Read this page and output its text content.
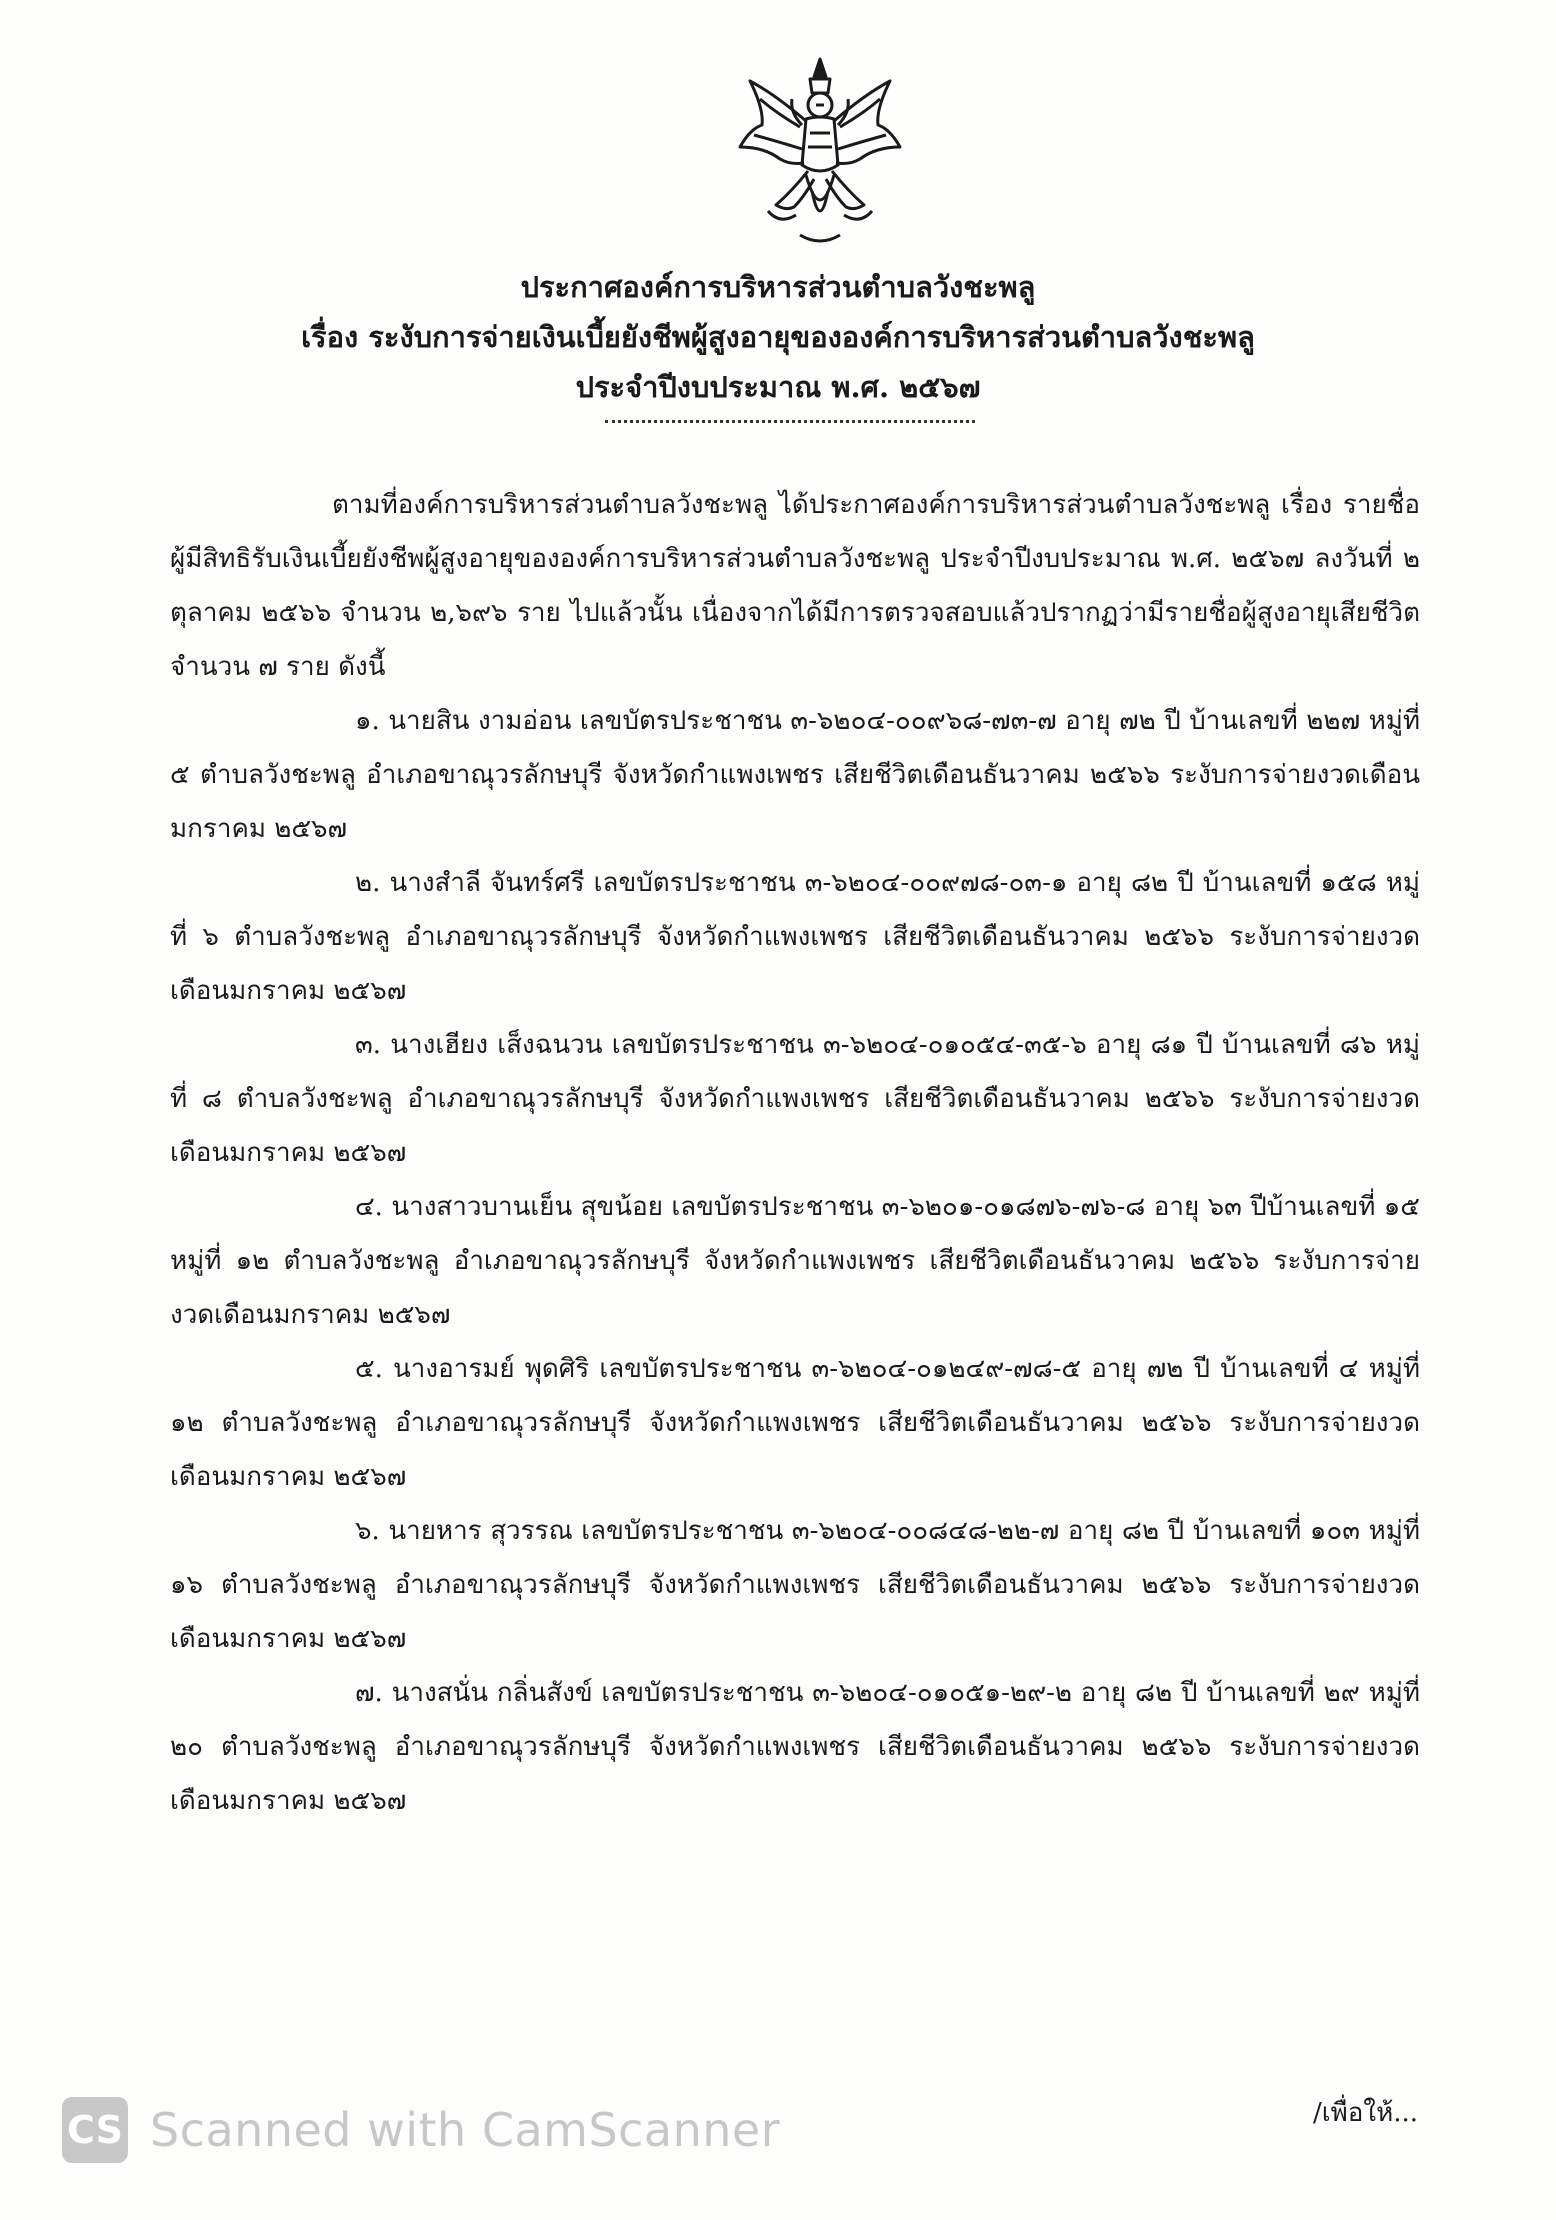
ประกาศองค์การบริหารส่วนตำบลวังชะพลู
เรื่อง ระงับการจ่ายเงินเบี้ยยังชีพผู้สูงอายุขององค์การบริหารส่วนตำบลวังชะพลู
ประจำปีงบประมาณ พ.ศ. ๒๕๖๗

ตามที่องค์การบริหารส่วนตำบลวังชะพลู ได้ประกาศองค์การบริหารส่วนตำบลวังชะพลู เรื่อง รายชื่อผู้มีสิทธิรับเงินเบี้ยยังชีพผู้สูงอายุขององค์การบริหารส่วนตำบลวังชะพลู ประจำปีงบประมาณ พ.ศ. ๒๕๖๗ ลงวันที่ ๒ ตุลาคม ๒๕๖๖ จำนวน ๒,๖๙๖ ราย ไปแล้วนั้น เนื่องจากได้มีการตรวจสอบแล้วปรากฏว่ามีรายชื่อผู้สูงอายุเสียชีวิต จำนวน ๗ ราย ดังนี้

๑. นายสิน งามอ่อน เลขบัตรประชาชน ๓-๖๒๐๔-๐๐๙๖๘-๗๓-๗ อายุ ๗๒ ปี บ้านเลขที่ ๒๒๗ หมู่ที่ ๕ ตำบลวังชะพลู อำเภอขาณุวรลักษบุรี จังหวัดกำแพงเพชร เสียชีวิตเดือนธันวาคม ๒๕๖๖ ระงับการจ่ายงวดเดือนมกราคม ๒๕๖๗

๒. นางสำลี จันทร์ศรี เลขบัตรประชาชน ๓-๖๒๐๔-๐๐๙๗๘-๐๓-๑ อายุ ๘๒ ปี บ้านเลขที่ ๑๕๘ หมู่ที่ ๖ ตำบลวังชะพลู อำเภอขาณุวรลักษบุรี จังหวัดกำแพงเพชร เสียชีวิตเดือนธันวาคม ๒๕๖๖ ระงับการจ่ายงวดเดือนมกราคม ๒๕๖๗

๓. นางเฮียง เส็งฉนวน เลขบัตรประชาชน ๓-๖๒๐๔-๐๑๐๕๔-๓๕-๖ อายุ ๘๑ ปี บ้านเลขที่ ๘๖ หมู่ที่ ๘ ตำบลวังชะพลู อำเภอขาณุวรลักษบุรี จังหวัดกำแพงเพชร เสียชีวิตเดือนธันวาคม ๒๕๖๖ ระงับการจ่ายงวดเดือนมกราคม ๒๕๖๗

๔. นางสาวบานเย็น สุขน้อย เลขบัตรประชาชน ๓-๖๒๐๑-๐๑๘๗๖-๗๖-๘ อายุ ๖๓ ปีบ้านเลขที่ ๑๕ หมู่ที่ ๑๒ ตำบลวังชะพลู อำเภอขาณุวรลักษบุรี จังหวัดกำแพงเพชร เสียชีวิตเดือนธันวาคม ๒๕๖๖ ระงับการจ่ายงวดเดือนมกราคม ๒๕๖๗

๕. นางอารมย์ พุดศิริ เลขบัตรประชาชน ๓-๖๒๐๔-๐๑๒๔๙-๗๘-๕ อายุ ๗๒ ปี บ้านเลขที่ ๔ หมู่ที่ ๑๒ ตำบลวังชะพลู อำเภอขาณุวรลักษบุรี จังหวัดกำแพงเพชร เสียชีวิตเดือนธันวาคม ๒๕๖๖ ระงับการจ่ายงวดเดือนมกราคม ๒๕๖๗

๖. นายหาร สุวรรณ เลขบัตรประชาชน ๓-๖๒๐๔-๐๐๘๔๘-๒๒-๗ อายุ ๘๒ ปี บ้านเลขที่ ๑๐๓ หมู่ที่ ๑๖ ตำบลวังชะพลู อำเภอขาณุวรลักษบุรี จังหวัดกำแพงเพชร เสียชีวิตเดือนธันวาคม ๒๕๖๖ ระงับการจ่ายงวดเดือนมกราคม ๒๕๖๗

๗. นางสนั่น กลิ่นสังข์ เลขบัตรประชาชน ๓-๖๒๐๔-๐๑๐๕๑-๒๙-๒ อายุ ๘๒ ปี บ้านเลขที่ ๒๙ หมู่ที่ ๒๐ ตำบลวังชะพลู อำเภอขาณุวรลักษบุรี จังหวัดกำแพงเพชร เสียชีวิตเดือนธันวาคม ๒๕๖๖ ระงับการจ่ายงวดเดือนมกราคม ๒๕๖๗

CS Scanned with CamScanner	/เพื่อให้...
